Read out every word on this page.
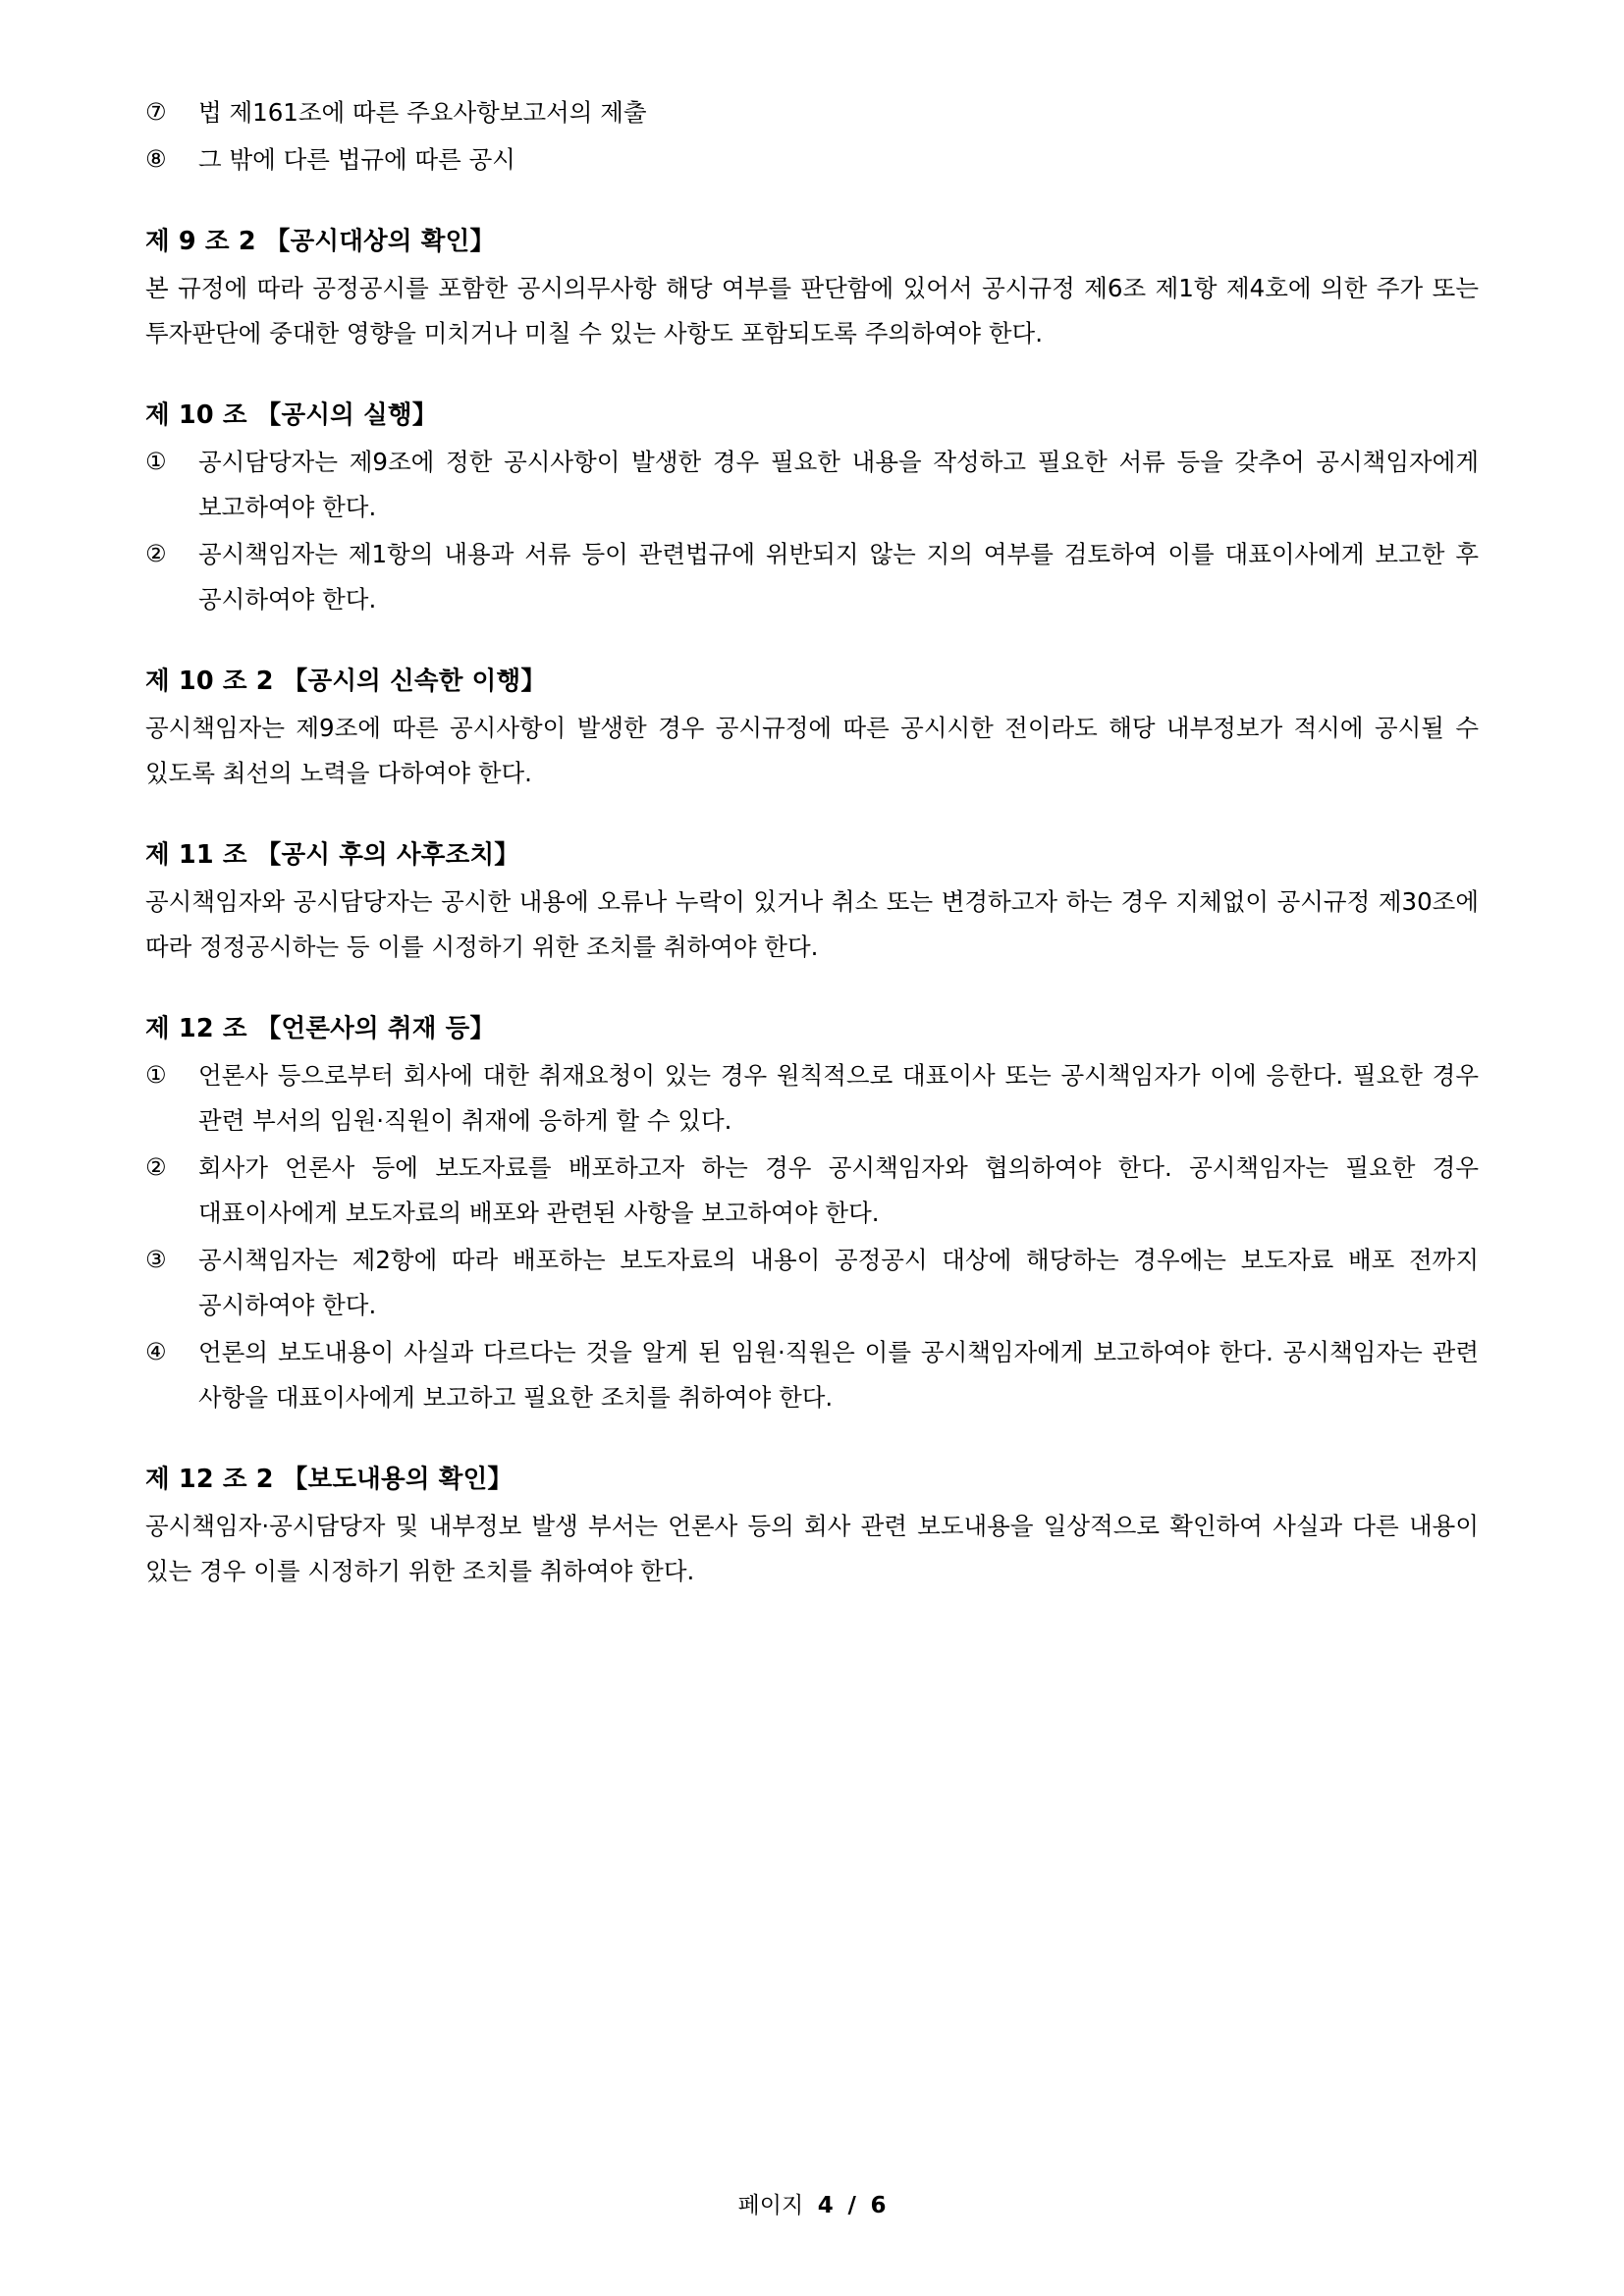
⑦	법 제161조에 따른 주요사항보고서의 제출
⑧	그 밖에 다른 법규에 따른 공시
제 9 조 2 【공시대상의 확인】

본 규정에 따라 공정공시를 포함한 공시의무사항 해당 여부를 판단함에 있어서 공시규정 제6조 제1항 제4호에 의한 주가 또는 투자판단에 중대한 영향을 미치거나 미칠 수 있는 사항도 포함되도록 주의하여야 한다.

제 10 조 【공시의 실행】
①	공시담당자는 제9조에 정한 공시사항이 발생한 경우 필요한 내용을 작성하고 필요한 서류 등을 갖추어 공시책임자에게 보고하여야 한다.
②	공시책임자는 제1항의 내용과 서류 등이 관련법규에 위반되지 않는 지의 여부를 검토하여 이를 대표이사에게 보고한 후 공시하여야 한다.
제 10 조 2 【공시의 신속한 이행】

공시책임자는 제9조에 따른 공시사항이 발생한 경우 공시규정에 따른 공시시한 전이라도 해당 내부정보가 적시에 공시될 수 있도록 최선의 노력을 다하여야 한다.

제 11 조 【공시 후의 사후조치】

공시책임자와 공시담당자는 공시한 내용에 오류나 누락이 있거나 취소 또는 변경하고자 하는 경우 지체없이 공시규정 제30조에 따라 정정공시하는 등 이를 시정하기 위한 조치를 취하여야 한다.

제 12 조 【언론사의 취재 등】
①	언론사 등으로부터 회사에 대한 취재요청이 있는 경우 원칙적으로 대표이사 또는 공시책임자가 이에 응한다. 필요한 경우 관련 부서의 임원·직원이 취재에 응하게 할 수 있다.
②	회사가 언론사 등에 보도자료를 배포하고자 하는 경우 공시책임자와 협의하여야 한다. 공시책임자는 필요한 경우 대표이사에게 보도자료의 배포와 관련된 사항을 보고하여야 한다.
③	공시책임자는 제2항에 따라 배포하는 보도자료의 내용이 공정공시 대상에 해당하는 경우에는 보도자료 배포 전까지 공시하여야 한다.
④	언론의 보도내용이 사실과 다르다는 것을 알게 된 임원·직원은 이를 공시책임자에게 보고하여야 한다. 공시책임자는 관련 사항을 대표이사에게 보고하고 필요한 조치를 취하여야 한다.
제 12 조 2 【보도내용의 확인】

공시책임자·공시담당자 및 내부정보 발생 부서는 언론사 등의 회사 관련 보도내용을 일상적으로 확인하여 사실과 다른 내용이 있는 경우 이를 시정하기 위한 조치를 취하여야 한다.

페이지 4 / 6
